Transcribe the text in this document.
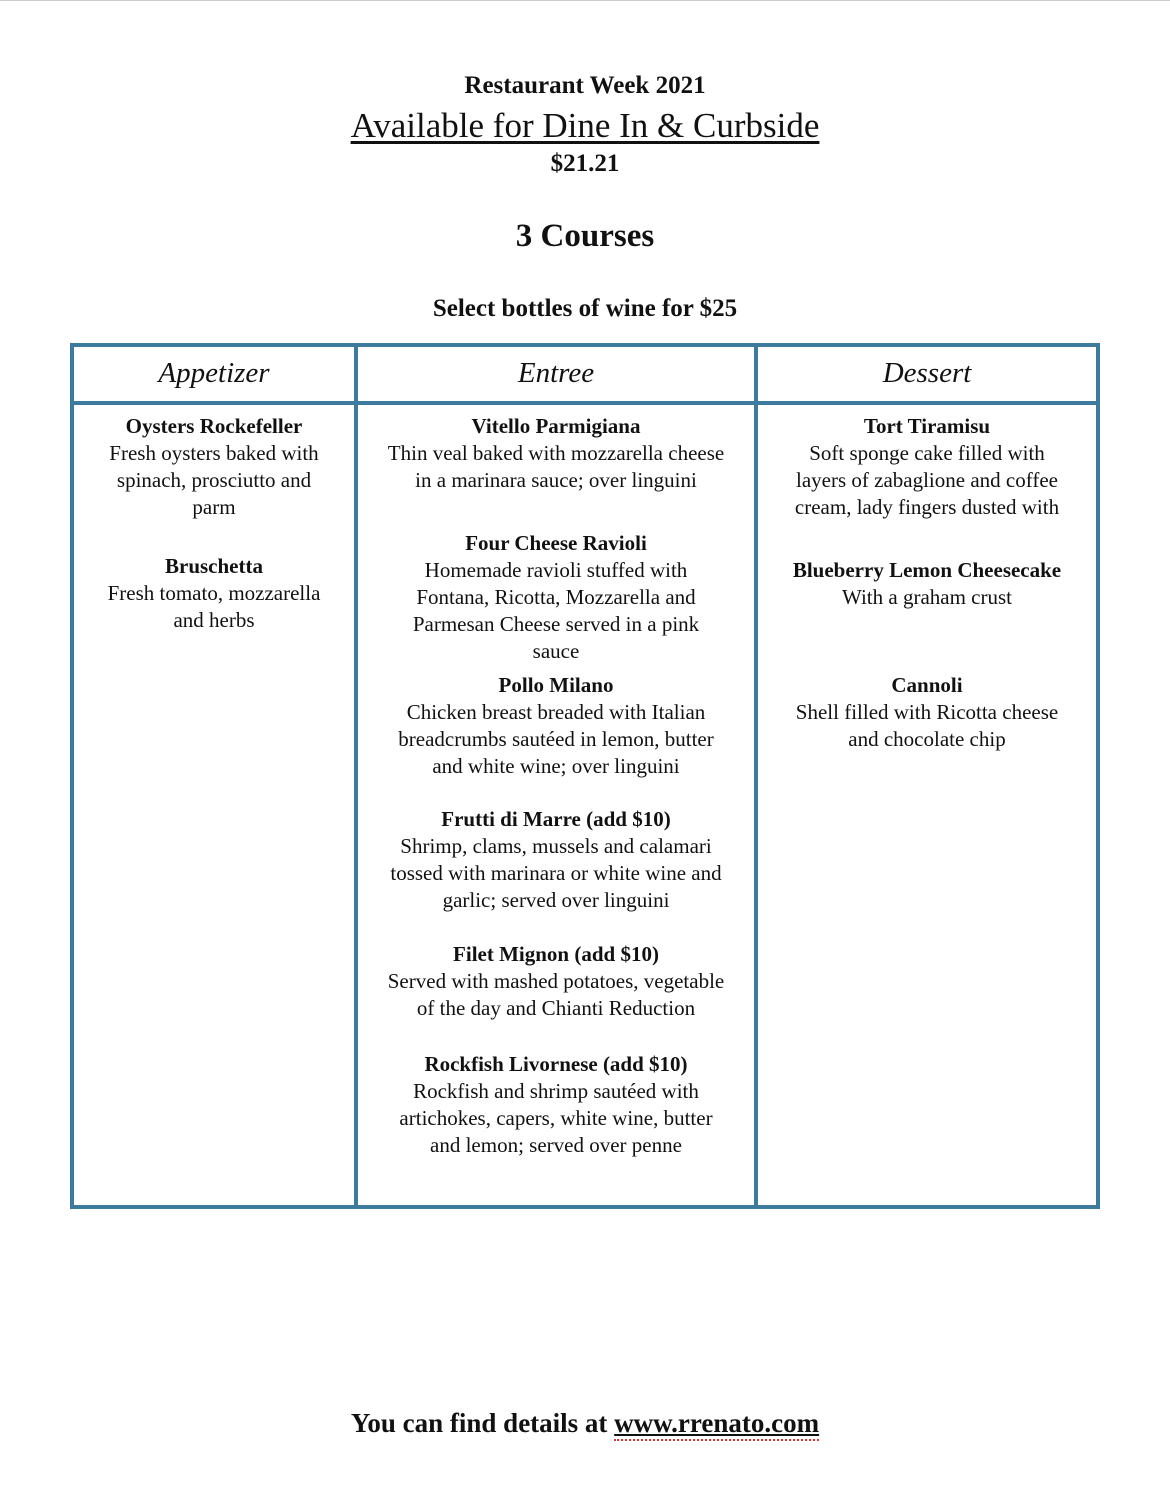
Restaurant Week 2021
Available for Dine In & Curbside
$21.21
3 Courses
Select bottles of wine for $25
Appetizer
Oysters Rockefeller
Fresh oysters baked with
spinach, prosciutto and
parm
Bruschetta
Fresh tomato, mozzarella
and herbs
Entree
Vitello Parmigiana
Thin veal baked with mozzarella cheese
in a marinara sauce; over linguini
Four Cheese Ravioli
Homemade ravioli stuffed with
Fontana, Ricotta, Mozzarella and
Parmesan Cheese served in a pink
sauce
Pollo Milano
Chicken breast breaded with Italian
breadcrumbs sautéed in lemon, butter
and white wine; over linguini
Frutti di Marre (add $10)
Shrimp, clams, mussels and calamari
tossed with marinara or white wine and
garlic; served over linguini
Filet Mignon (add $10)
Served with mashed potatoes, vegetable
of the day and Chianti Reduction
Rockfish Livornese (add $10)
Rockfish and shrimp sautéed with
artichokes, capers, white wine, butter
and lemon; served over penne
Dessert
Tort Tiramisu
Soft sponge cake filled with
layers of zabaglione and coffee
cream, lady fingers dusted with
Blueberry Lemon Cheesecake
With a graham crust
Cannoli
Shell filled with Ricotta cheese
and chocolate chip
You can find details at www.rrenato.com
